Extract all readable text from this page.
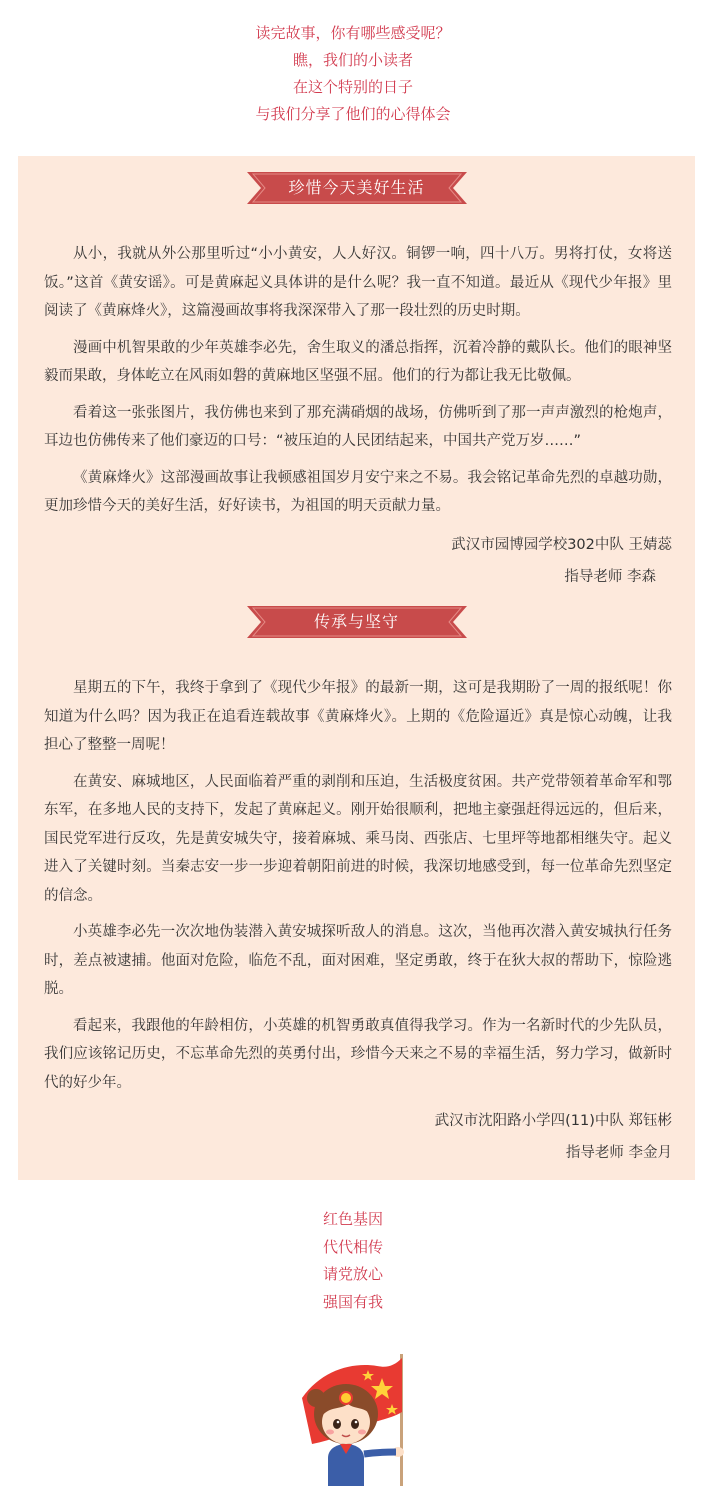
读完故事，你有哪些感受呢？

瞧，我们的小读者

在这个特别的日子

与我们分享了他们的心得体会

珍惜今天美好生活

从小，我就从外公那里听过“小小黄安，人人好汉。铜锣一响，四十八万。男将打仗，女将送饭。”这首《黄安谣》。可是黄麻起义具体讲的是什么呢？我一直不知道。最近从《现代少年报》里阅读了《黄麻烽火》，这篇漫画故事将我深深带入了那一段壮烈的历史时期。

漫画中机智果敢的少年英雄李必先，舍生取义的潘总指挥，沉着冷静的戴队长。他们的眼神坚毅而果敢，身体屹立在风雨如磐的黄麻地区坚强不屈。他们的行为都让我无比敬佩。

看着这一张张图片，我仿佛也来到了那充满硝烟的战场，仿佛听到了那一声声激烈的枪炮声，耳边也仿佛传来了他们豪迈的口号：“被压迫的人民团结起来，中国共产党万岁……”

《黄麻烽火》这部漫画故事让我顿感祖国岁月安宁来之不易。我会铭记革命先烈的卓越功勋，更加珍惜今天的美好生活，好好读书，为祖国的明天贡献力量。

武汉市园博园学校302中队 王婧蕊
指导老师 李森
传承与坚守

星期五的下午，我终于拿到了《现代少年报》的最新一期，这可是我期盼了一周的报纸呢！你知道为什么吗？因为我正在追看连载故事《黄麻烽火》。上期的《危险逼近》真是惊心动魄，让我担心了整整一周呢！

在黄安、麻城地区，人民面临着严重的剥削和压迫，生活极度贫困。共产党带领着革命军和鄂东军，在多地人民的支持下，发起了黄麻起义。刚开始很顺利，把地主豪强赶得远远的，但后来，国民党军进行反攻，先是黄安城失守，接着麻城、乘马岗、西张店、七里坪等地都相继失守。起义进入了关键时刻。当秦志安一步一步迎着朝阳前进的时候，我深切地感受到，每一位革命先烈坚定的信念。

小英雄李必先一次次地伪装潜入黄安城探听敌人的消息。这次，当他再次潜入黄安城执行任务时，差点被逮捕。他面对危险，临危不乱，面对困难，坚定勇敢，终于在狄大叔的帮助下，惊险逃脱。

看起来，我跟他的年龄相仿，小英雄的机智勇敢真值得我学习。作为一名新时代的少先队员，我们应该铭记历史，不忘革命先烈的英勇付出，珍惜今天来之不易的幸福生活，努力学习，做新时代的好少年。

武汉市沈阳路小学四(11)中队 郑钰彬
指导老师 李金月

红色基因

代代相传

请党放心

强国有我
